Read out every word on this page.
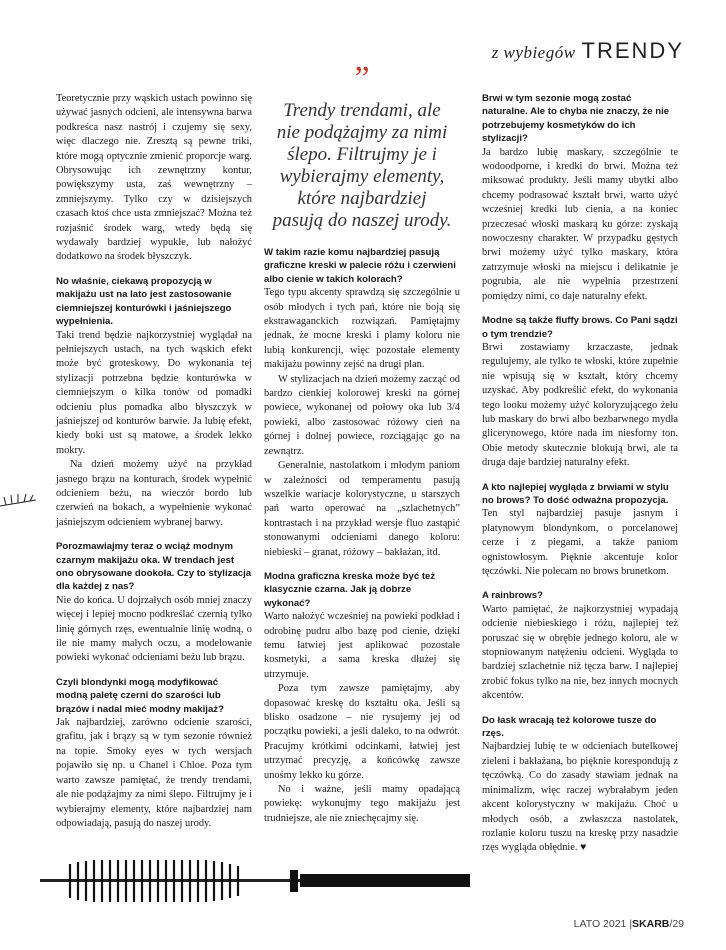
z wybiegów TRENDY

Teoretycznie przy wąskich ustach powinno się używać jasnych odcieni, ale intensywna barwa podkreśca nasz nastrój i czujemy się sexy, więc dlaczego nie. Zresztą są pewne triki, które mogą optycznie zmienić proporcje warg. Obrysowując ich zewnętrzny kontur, powiększymy usta, zaś wewnętrzny – zmniejszymy. Tylko czy w dzisiejszych czasach ktoś chce usta zmniejszać? Można też rozjaśnić środek warg, wtedy będą się wydawały bardziej wypukłe, lub nałożyć dodatkowo na środek błyszczyk.

No właśnie, ciekawą propozycją w makijażu ust na lato jest zastosowanie ciemniejszej konturówki i jaśniejszego wypełnienia.

Taki trend będzie najkorzystniej wyglądał na pełniejszych ustach, na tych wąskich efekt może być groteskowy. Do wykonania tej stylizacji potrzebna będzie konturówka w ciemniejszym o kilka tonów od pomadki odcieniu plus pomadka albo błyszczyk w jaśniejszej od konturów barwie. Ja lubię efekt, kiedy boki ust są matowe, a środek lekko mokry.

Na dzień możemy użyć na przykład jasnego brązu na konturach, środek wypełnić odcieniem beżu, na wieczór bordo lub czerwień na bokach, a wypełnienie wykonać jaśniejszym odcieniem wybranej barwy.

Porozmawiajmy teraz o wciąż modnym czarnym makijażu oka. W trendach jest ono obrysowane dookoła. Czy to stylizacja dla każdej z nas?

Nie do końca. U dojrzałych osób mniej znaczy więcej i lepiej mocno podkreślać czernią tylko linię górnych rzęs, ewentualnie linię wodną, o ile nie mamy małych oczu, a modelowanie powieki wykonać odcieniami beżu lub brązu.

Czyli blondynki mogą modyfikować modną paletę czerni do szarości lub brązów i nadal mieć modny makijaż?

Jak najbardziej, zarówno odcienie szarości, grafitu, jak i brązy są w tym sezonie również na topie. Smoky eyes w tych wersjach pojawiło się np. u Chanel i Chloe. Poza tym warto zawsze pamiętać, że trendy trendami, ale nie podążajmy za nimi ślepo. Filtrujmy je i wybierajmy elementy, które najbardziej nam odpowiadają, pasują do naszej urody.

”
Trendy trendami, ale nie podążajmy za nimi ślepo. Filtrujmy je i wybierajmy elementy, które najbardziej pasują do naszej urody.

W takim razie komu najbardziej pasują graficzne kreski w palecie różu i czerwieni albo cienie w takich kolorach?

Tego typu akcenty sprawdzą się szczególnie u osób młodych i tych pań, które nie boją się ekstrawaganckich rozwiązań. Pamiętajmy jednak, że mocne kreski i plamy koloru nie lubią konkurencji, więc pozostałe elementy makijażu powinny zejść na drugi plan.

W stylizacjach na dzień możemy zacząć od bardzo cienkiej kolorowej kreski na górnej powiece, wykonanej od połowy oka lub 3/4 powieki, albo zastosować różowy cień na górnej i dolnej powiece, rozciągając go na zewnątrz.

Generalnie, nastolatkom i młodym paniom w zależności od temperamentu pasują wszelkie wariacje kolorystyczne, u starszych pań warto operować na „szlachetnych” kontrastach i na przykład wersje fluo zastąpić stonowanymi odcieniami danego koloru: niebieski – granat, różowy – bakłażan, itd.

Modna graficzna kreska może być też klasycznie czarna. Jak ją dobrze wykonać?

Warto nałożyć wcześniej na powieki podkład i odrobinę pudru albo bazę pod cienie, dzięki temu łatwiej jest aplikować pozostałe kosmetyki, a sama kreska dłużej się utrzymuje.

Poza tym zawsze pamiętajmy, aby dopasować kreskę do kształtu oka. Jeśli są blisko osadzone – nie rysujemy jej od początku powieki, a jeśli daleko, to na odwrót. Pracujmy krótkimi odcinkami, łatwiej jest utrzymać precyzję, a końcówkę zawsze unośmy lekko ku górze.

No i ważne, jeśli mamy opadającą powiekę: wykonujmy tego makijażu jest trudniejsze, ale nie zniechęcajmy się.

Brwi w tym sezonie mogą zostać naturalne. Ale to chyba nie znaczy, że nie potrzebujemy kosmetyków do ich stylizacji?

Ja bardzo lubię maskary, szczególnie te wodoodporne, i kredki do brwi. Można też miksować produkty. Jeśli mamy ubytki albo chcemy podrasować kształt brwi, warto użyć wcześniej kredki lub cienia, a na koniec przeczesać włoski maskarą ku górze: zyskają nowoczesny charakter. W przypadku gęstych brwi możemy użyć tylko maskary, która zatrzymuje włoski na miejscu i delikatnie je pogrubia, ale nie wypełnia przestrzeni pomiędzy nimi, co daje naturalny efekt.

Modne są także fluffy brows. Co Pani sądzi o tym trendzie?

Brwi zostawiamy krzaczaste, jednak regulujemy, ale tylko te włoski, które zupełnie nie wpisują się w kształt, który chcemy uzyskać. Aby podkreślić efekt, do wykonania tego looku możemy użyć koloryzującego żelu lub maskary do brwi albo bezbarwnego mydła glicerynowego, które nada im niesforny ton. Obie metody skutecznie blokują brwi, ale ta druga daje bardziej naturalny efekt.

A kto najlepiej wygląda z brwiami w stylu no brows? To dość odważna propozycja.

Ten styl najbardziej pasuje jasnym i platynowym blondynkom, o porcelanowej cerze i z piegami, a także paniom ognistowłosym. Pięknie akcentuje kolor tęczówki. Nie polecam no brows brunetkom.

A rainbrows?

Warto pamiętać, że najkorzystniej wypadają odcienie niebieskiego i różu, najlepiej też poruszać się w obrębie jednego koloru, ale w stopniowanym natężeniu odcieni. Wygląda to bardziej szlachetnie niż tęcza barw. I najlepiej zrobić fokus tylko na nie, bez innych mocnych akcentów.

Do łask wracają też kolorowe tusze do rzęs.

Najbardziej lubię te w odcieniach butelkowej zieleni i bakłażana, bo pięknie korespondują z tęczówką. Co do zasady stawiam jednak na minimalizm, więc raczej wybrałabym jeden akcent kolorystyczny w makijażu. Choć u młodych osób, a zwłaszcza nastolatek, rozlanie koloru tuszu na kreskę przy nasadzie rzęs wygląda obłędnie. ♥

LATO 2021 |SKARB/29
